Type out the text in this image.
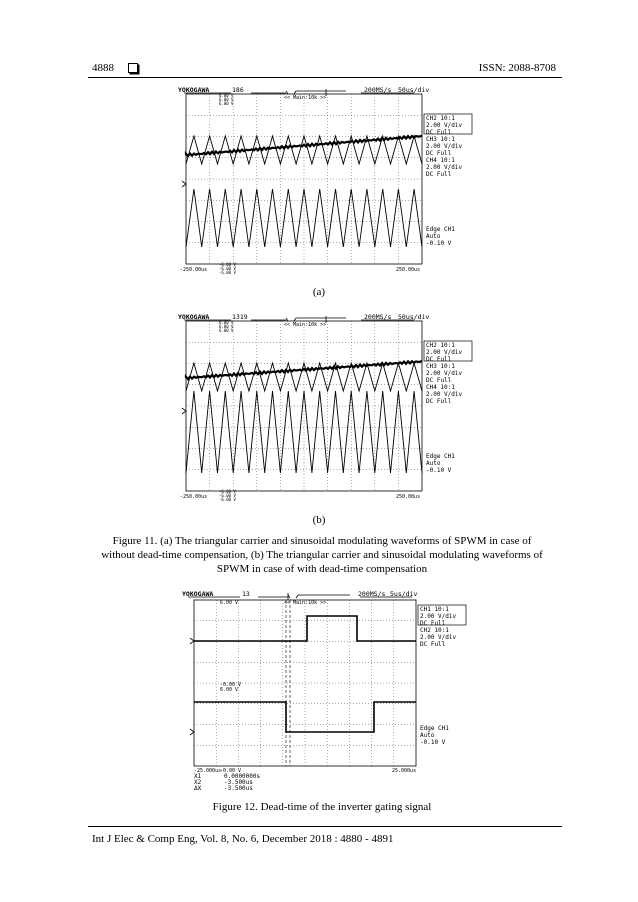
4888	ISSN: 2088-8708
YOKOGAWA	186
<< Main:10k >>
200MS/s 50us/div
6.00 V
6.00 V
6.00 V
-250.00us
-6.00 V
-6.00 V
-6.00 V	250.00us
CH2 10:1
2.00 V/div
DC Full
CH3 10:1
2.00 V/div
DC Full
CH4 10:1
2.00 V/div
DC Full
Edge CH1
Auto
-0.10 V
(a)
YOKOGAWA	1319
<< Main:10k >>
200MS/s 50us/div
6.00 V
6.00 V
6.00 V
-250.00us
-6.00 V
-6.00 V
-6.00 V	250.00us
CH2 10:1
2.00 V/div
DC Full
CH3 10:1
2.00 V/div
DC Full
CH4 10:1
2.00 V/div
DC Full
Edge CH1
Auto
-0.10 V
(b)
Figure 11. (a) The triangular carrier and sinusoidal modulating waveforms of SPWM in case of without dead-time compensation, (b) The triangular carrier and sinusoidal modulating waveforms of SPWM in case of with dead-time compensation
YOKOGAWA	13
<< Main:10k >>
200MS/s 5us/div
6.00 V
-0.00 V
6.00 V
-25.000us
-0.00 V	25.000us
X1	0.0000000s
X2	-3.500us
ΔX	-3.500us
CH1 10:1
2.00 V/div
DC Full
CH2 10:1
2.00 V/div
DC Full
Edge CH1
Auto
-0.10 V
Figure 12. Dead-time of the inverter gating signal
Int J Elec & Comp Eng, Vol. 8, No. 6, December 2018 : 4880 - 4891
